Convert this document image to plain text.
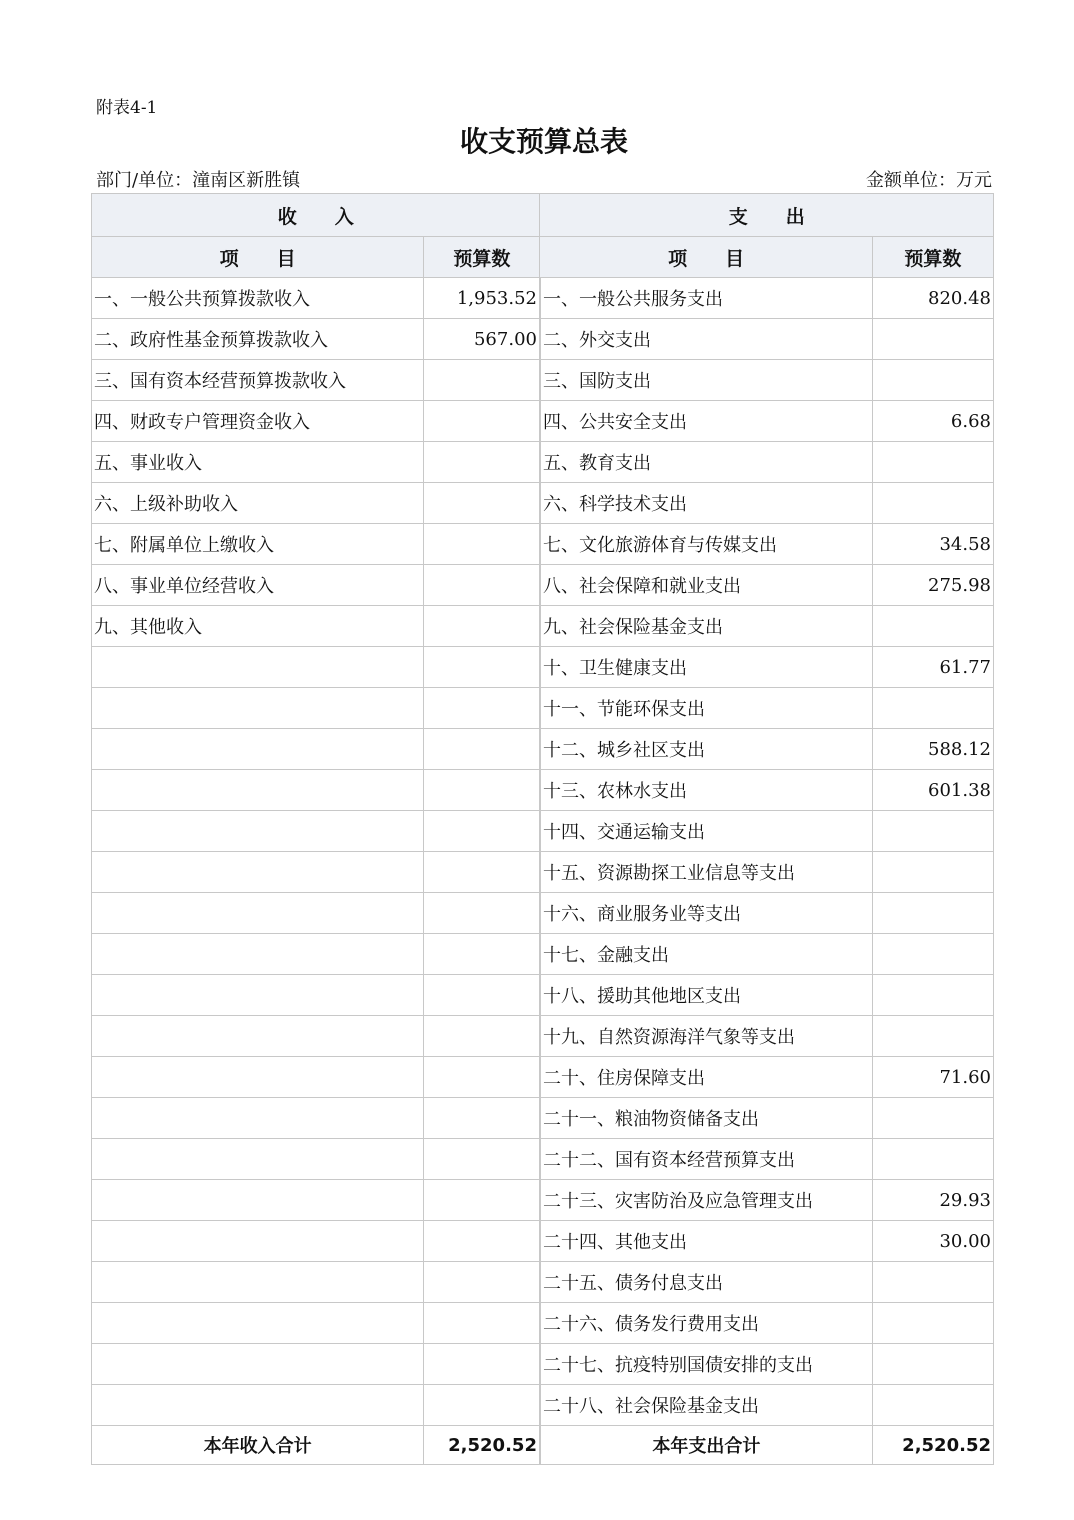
附表4-1
收支预算总表
部门/单位：潼南区新胜镇	金额单位：万元
收　　入		支　　出	
项　　目	预算数	项　　目	预算数
一、一般公共预算拨款收入	1,953.52	一、一般公共服务支出	820.48
二、政府性基金预算拨款收入	567.00	二、外交支出	
三、国有资本经营预算拨款收入		三、国防支出	
四、财政专户管理资金收入		四、公共安全支出	6.68
五、事业收入		五、教育支出	
六、上级补助收入		六、科学技术支出	
七、附属单位上缴收入		七、文化旅游体育与传媒支出	34.58
八、事业单位经营收入		八、社会保障和就业支出	275.98
九、其他收入		九、社会保险基金支出	
		十、卫生健康支出	61.77
		十一、节能环保支出	
		十二、城乡社区支出	588.12
		十三、农林水支出	601.38
		十四、交通运输支出	
		十五、资源勘探工业信息等支出	
		十六、商业服务业等支出	
		十七、金融支出	
		十八、援助其他地区支出	
		十九、自然资源海洋气象等支出	
		二十、住房保障支出	71.60
		二十一、粮油物资储备支出	
		二十二、国有资本经营预算支出	
		二十三、灾害防治及应急管理支出	29.93
		二十四、其他支出	30.00
		二十五、债务付息支出	
		二十六、债务发行费用支出	
		二十七、抗疫特别国债安排的支出	
		二十八、社会保险基金支出	
本年收入合计	2,520.52	本年支出合计	2,520.52
